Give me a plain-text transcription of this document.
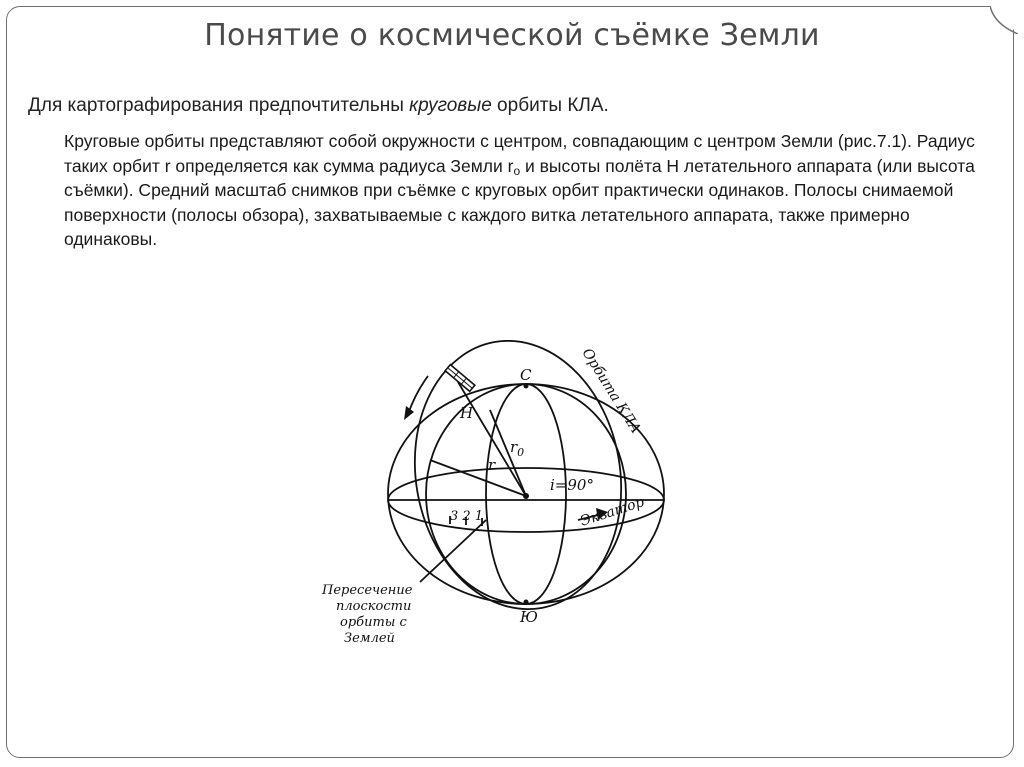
Понятие о космической съёмке Земли
Для картографирования предпочтительны круговые орбиты КЛА.
Круговые орбиты представляют собой окружности с центром, совпадающим с центром Земли (рис.7.1). Радиус таких орбит r определяется как сумма радиуса Земли $r_о$ и высоты полёта Н летательного аппарата (или высота съёмки). Средний масштаб снимков при съёмке с круговых орбит практически одинаков. Полосы снимаемой поверхности (полосы обзора), захватываемые с каждого витка летательного аппарата, также примерно одинаковы.
Орбита КЛА
С
Ю
H
$r_0$
r
i=90°
Экватор
3 2 1
Пересечение
плоскости
орбиты с
Землей
